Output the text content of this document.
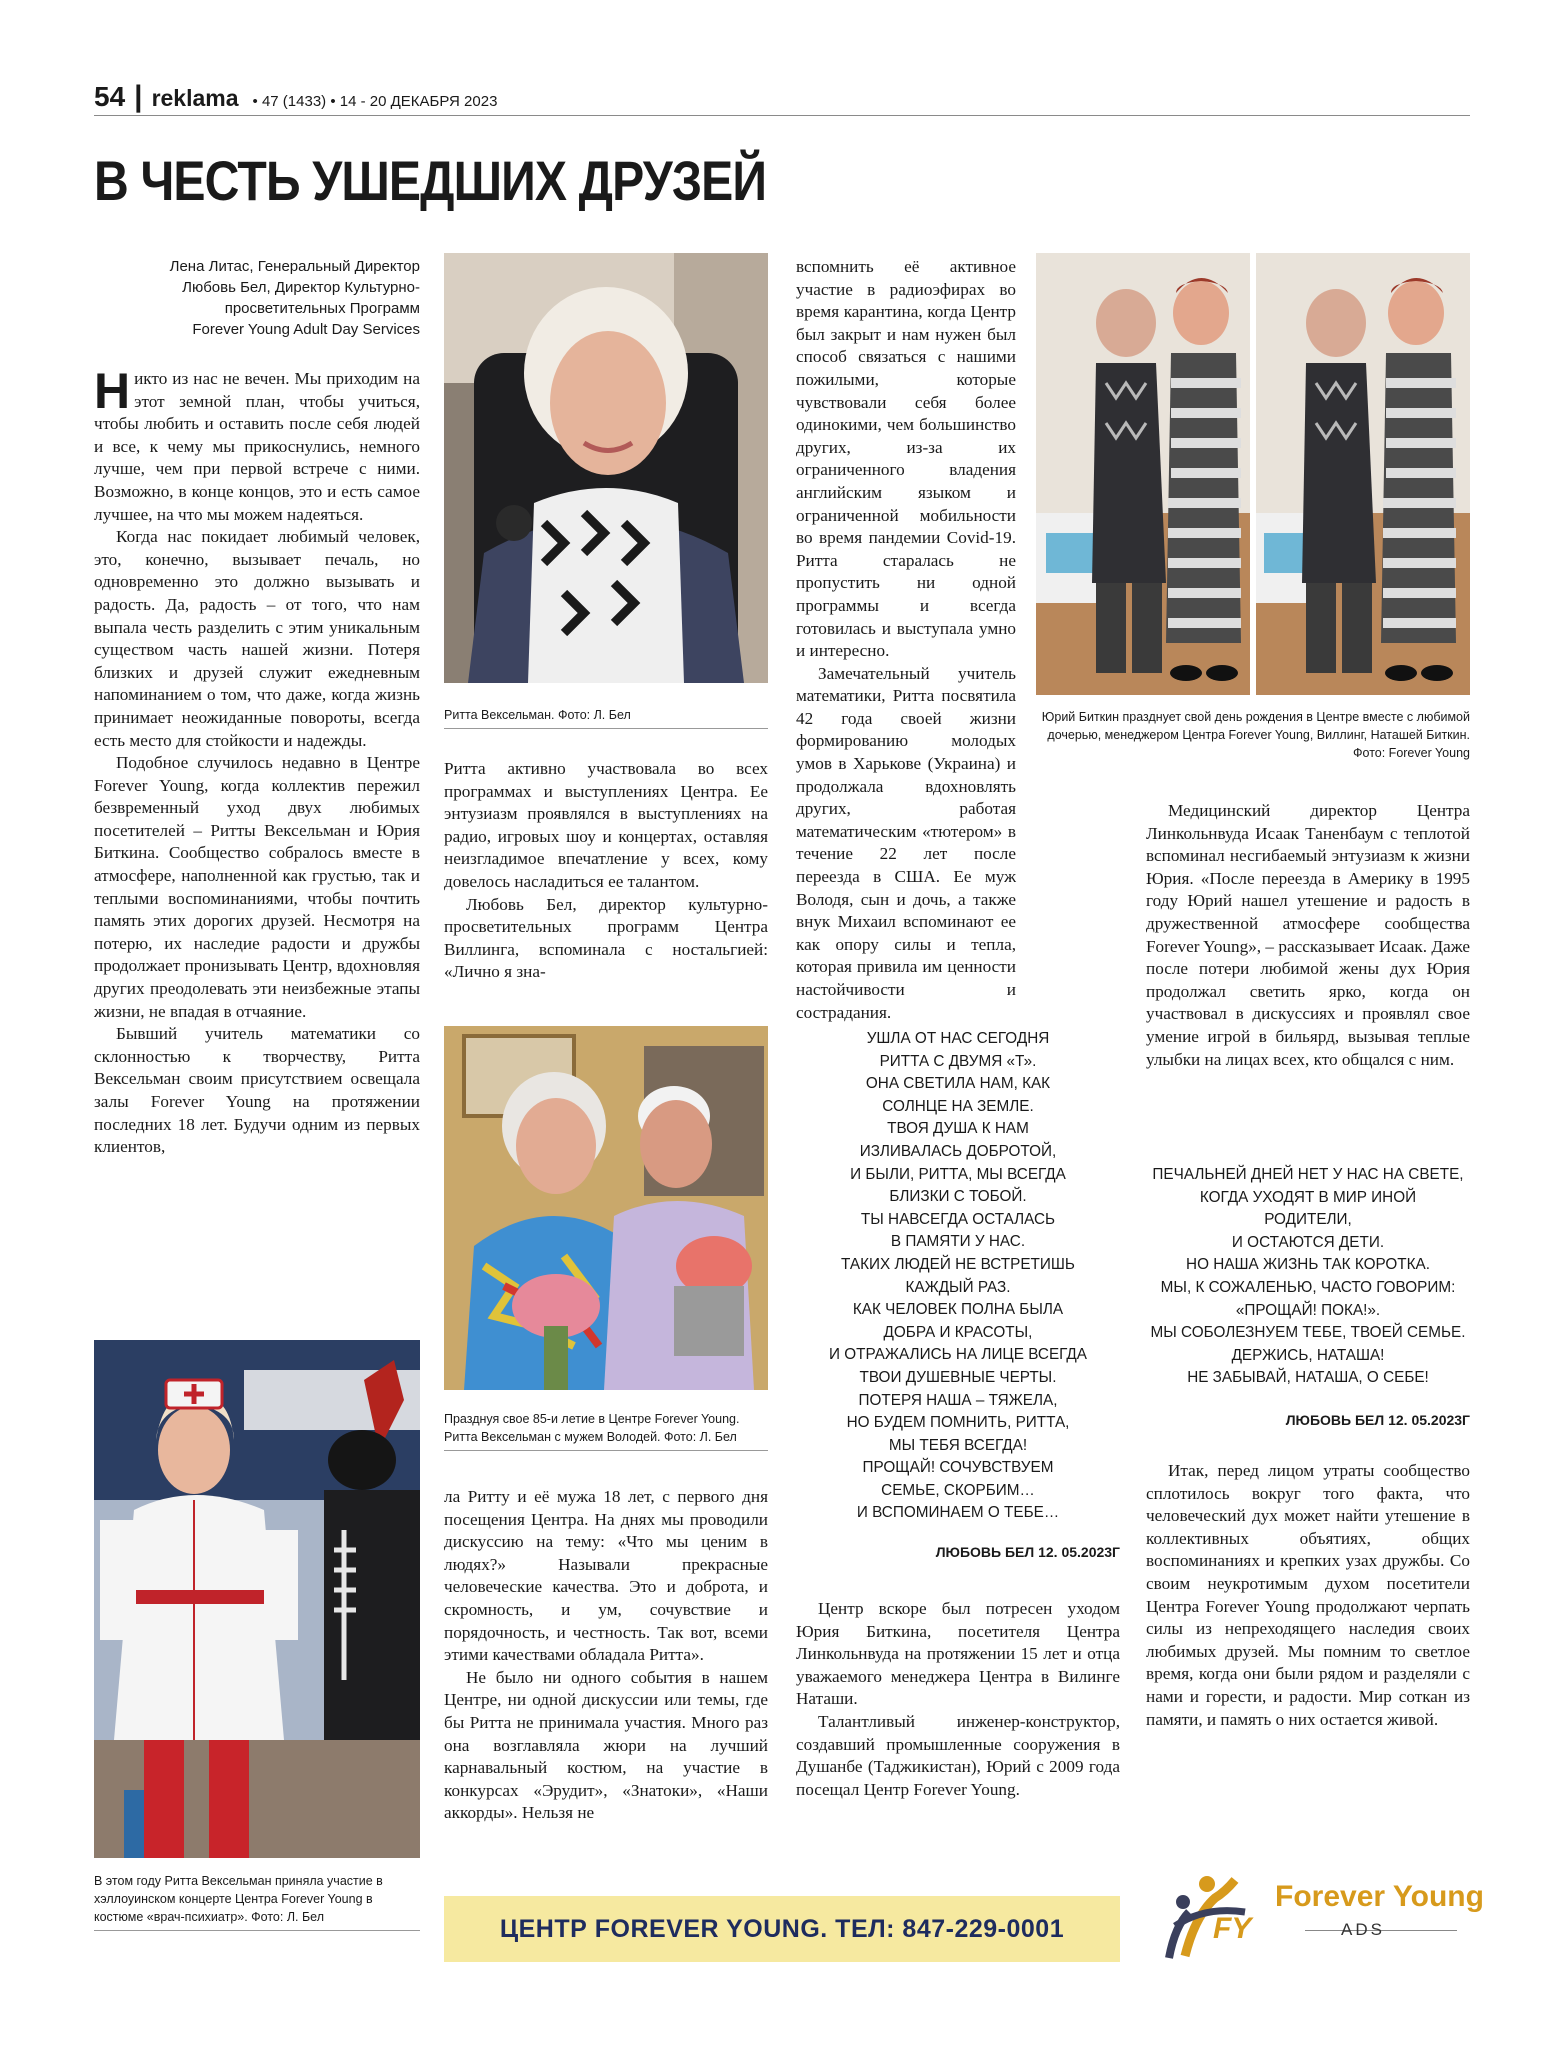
54 | reklama • 47 (1433) • 14 - 20 ДЕКАБРЯ 2023
В ЧЕСТЬ УШЕДШИХ ДРУЗЕЙ
Лена Литас, Генеральный Директор
Любовь Бел, Директор Культурно-
просветительных Программ
Forever Young Adult Day Services

Никто из нас не вечен. Мы приходим на этот земной план, чтобы учиться, чтобы любить и оставить после себя людей и все, к чему мы прикоснулись, немного лучше, чем при первой встрече с ними. Возможно, в конце концов, это и есть самое лучшее, на что мы можем надеяться.

Когда нас покидает любимый человек, это, конечно, вызывает печаль, но одновременно это должно вызывать и радость. Да, радость – от того, что нам выпала честь разделить с этим уникальным существом часть нашей жизни. Потеря близких и друзей служит ежедневным напоминанием о том, что даже, когда жизнь принимает неожиданные повороты, всегда есть место для стойкости и надежды.

Подобное случилось недавно в Центре Forever Young, когда коллектив пережил безвременный уход двух любимых посетителей – Ритты Вексельман и Юрия Биткина. Сообщество собралось вместе в атмосфере, наполненной как грустью, так и теплыми воспоминаниями, чтобы почтить память этих дорогих друзей. Несмотря на потерю, их наследие радости и дружбы продолжает пронизывать Центр, вдохновляя других преодолевать эти неизбежные этапы жизни, не впадая в отчаяние.

Бывший учитель математики со склонностью к творчеству, Ритта Вексельман своим присутствием освещала залы Forever Young на протяжении последних 18 лет. Будучи одним из первых клиентов,

В этом году Ритта Вексельман приняла участие в хэллоуинском концерте Центра Forever Young в костюме «врач-психиатр». Фото: Л. Бел
Ритта Вексельман. Фото: Л. Бел

Ритта активно участвовала во всех программах и выступлениях Центра. Ее энтузиазм проявлялся в выступлениях на радио, игровых шоу и концертах, оставляя неизгладимое впечатление у всех, кому довелось насладиться ее талантом.

Любовь Бел, директор культурно-просветительных программ Центра Виллинга, вспоминала с ностальгией: «Лично я зна-

Празднуя свое 85-и летие в Центре Forever Young. Ритта Вексельман с мужем Володей. Фото: Л. Бел

ла Ритту и её мужа 18 лет, с первого дня посещения Центра. На днях мы проводили дискуссию на тему: «Что мы ценим в людях?» Называли прекрасные человеческие качества. Это и доброта, и скромность, и ум, сочувствие и порядочность, и честность. Так вот, всеми этими качествами обладала Ритта».

Не было ни одного события в нашем Центре, ни одной дискуссии или темы, где бы Ритта не принимала участия. Много раз она возглавляла жюри на лучший карнавальный костюм, на участие в конкурсах «Эрудит», «Знатоки», «Наши аккорды». Нельзя не

вспомнить её активное участие в радиоэфирах во время карантина, когда Центр был закрыт и нам нужен был способ связаться с нашими пожилыми, которые чувствовали себя более одинокими, чем большинство других, из-за их ограниченного владения английским языком и ограниченной мобильности во время пандемии Covid-19. Ритта старалась не пропустить ни одной программы и всегда готовилась и выступала умно и интересно.

Замечательный учитель математики, Ритта посвятила 42 года своей жизни формированию молодых умов в Харькове (Украина) и продолжала вдохновлять других, работая математическим «тютером» в течение 22 лет после переезда в США. Ее муж Володя, сын и дочь, а также внук Михаил вспоминают ее как опору силы и тепла, которая привила им ценности настойчивости и сострадания.

Юрий Биткин празднует свой день рождения в Центре вместе с любимой дочерью, менеджером Центра Forever Young, Виллинг, Наташей Биткин. Фото: Forever Young
УШЛА ОТ НАС СЕГОДНЯ
РИТТА С ДВУМЯ «Т».
ОНА СВЕТИЛА НАМ, КАК
СОЛНЦЕ НА ЗЕМЛЕ.
ТВОЯ ДУША К НАМ
ИЗЛИВАЛАСЬ ДОБРОТОЙ,
И БЫЛИ, РИТТА, МЫ ВСЕГДА
БЛИЗКИ С ТОБОЙ.
ТЫ НАВСЕГДА ОСТАЛАСЬ
В ПАМЯТИ У НАС.
ТАКИХ ЛЮДЕЙ НЕ ВСТРЕТИШЬ
КАЖДЫЙ РАЗ.
КАК ЧЕЛОВЕК ПОЛНА БЫЛА
ДОБРА И КРАСОТЫ,
И ОТРАЖАЛИСЬ НА ЛИЦЕ ВСЕГДА
ТВОИ ДУШЕВНЫЕ ЧЕРТЫ.
ПОТЕРЯ НАША – ТЯЖЕЛА,
НО БУДЕМ ПОМНИТЬ, РИТТА,
МЫ ТЕБЯ ВСЕГДА!
ПРОЩАЙ! СОЧУВСТВУЕМ
СЕМЬЕ, СКОРБИМ…
И ВСПОМИНАЕМ О ТЕБЕ…
ЛЮБОВЬ БЕЛ 12. 05.2023Г

Центр вскоре был потресен уходом Юрия Биткина, посетителя Центра Линкольнвуда на протяжении 15 лет и отца уважаемого менеджера Центра в Вилинге Наташи.

Талантливый инженер-конструктор, создавший промышленные сооружения в Душанбе (Таджикистан), Юрий с 2009 года посещал Центр Forever Young.

Медицинский директор Центра Линкольнвуда Исаак Таненбаум с теплотой вспоминал несгибаемый энтузиазм к жизни Юрия. «После переезда в Америку в 1995 году Юрий нашел утешение и радость в дружественной атмосфере сообщества Forever Young», – рассказывает Исаак. Даже после потери любимой жены дух Юрия продолжал светить ярко, когда он участвовал в дискуссиях и проявлял свое умение игрой в бильярд, вызывая теплые улыбки на лицах всех, кто общался с ним.

ПЕЧАЛЬНЕЙ ДНЕЙ НЕТ У НАС НА СВЕТЕ,
КОГДА УХОДЯТ В МИР ИНОЙ
РОДИТЕЛИ,
И ОСТАЮТСЯ ДЕТИ.
НО НАША ЖИЗНЬ ТАК КОРОТКА.
МЫ, К СОЖАЛЕНЬЮ, ЧАСТО ГОВОРИМ:
«ПРОЩАЙ! ПОКА!».
МЫ СОБОЛЕЗНУЕМ ТЕБЕ, ТВОЕЙ СЕМЬЕ.
ДЕРЖИСЬ, НАТАША!
НЕ ЗАБЫВАЙ, НАТАША, О СЕБЕ!
ЛЮБОВЬ БЕЛ 12. 05.2023Г

Итак, перед лицом утраты сообщество сплотилось вокруг того факта, что человеческий дух может найти утешение в коллективных объятиях, общих воспоминаниях и крепких узах дружбы. Со своим неукротимым духом посетители Центра Forever Young продолжают черпать силы из непреходящего наследия своих любимых друзей. Мы помним то светлое время, когда они были рядом и разделяли с нами и горести, и радости. Мир соткан из памяти, и память о них остается живой.

ЦЕНТР FOREVER YOUNG. ТЕЛ: 847-229-0001	FY
Forever Young
ADS
